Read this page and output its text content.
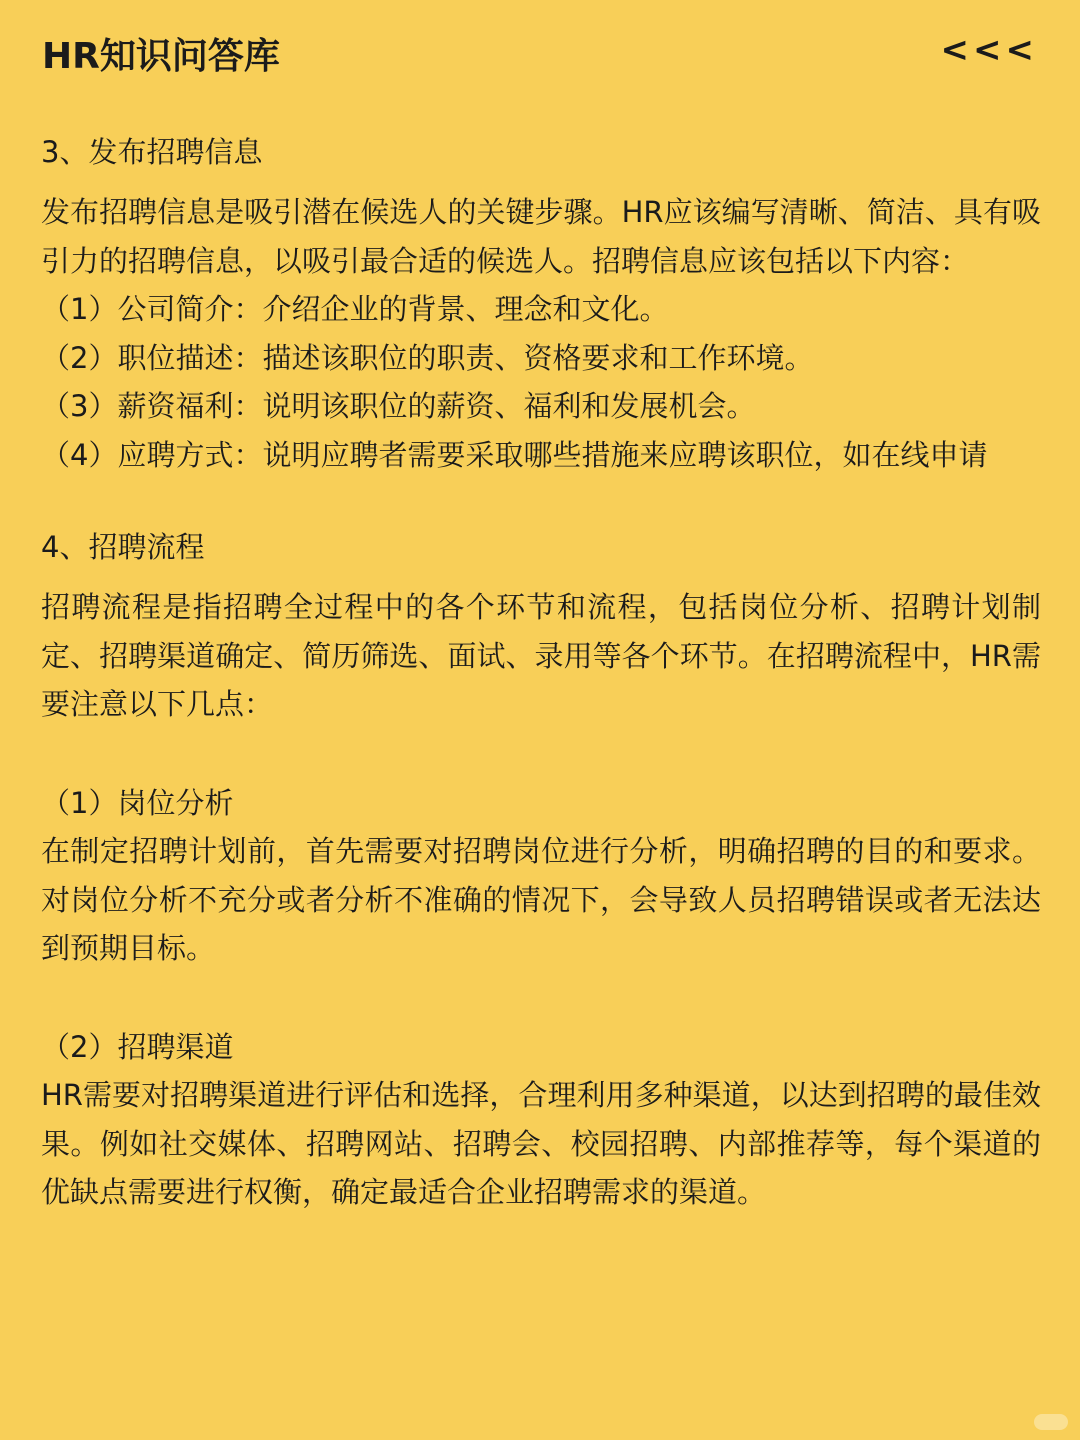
HR知识问答库	<<<

3、发布招聘信息

发布招聘信息是吸引潜在候选人的关键步骤。HR应该编写清晰、简洁、具有吸引力的招聘信息，以吸引最合适的候选人。招聘信息应该包括以下内容：

（1）公司简介：介绍企业的背景、理念和文化。

（2）职位描述：描述该职位的职责、资格要求和工作环境。

（3）薪资福利：说明该职位的薪资、福利和发展机会。

（4）应聘方式：说明应聘者需要采取哪些措施来应聘该职位，如在线申请

4、招聘流程

招聘流程是指招聘全过程中的各个环节和流程，包括岗位分析、招聘计划制定、招聘渠道确定、简历筛选、面试、录用等各个环节。在招聘流程中，HR需要注意以下几点：

（1）岗位分析

在制定招聘计划前，首先需要对招聘岗位进行分析，明确招聘的目的和要求。对岗位分析不充分或者分析不准确的情况下，会导致人员招聘错误或者无法达到预期目标。

（2）招聘渠道

HR需要对招聘渠道进行评估和选择，合理利用多种渠道，以达到招聘的最佳效果。例如社交媒体、招聘网站、招聘会、校园招聘、内部推荐等，每个渠道的优缺点需要进行权衡，确定最适合企业招聘需求的渠道。
